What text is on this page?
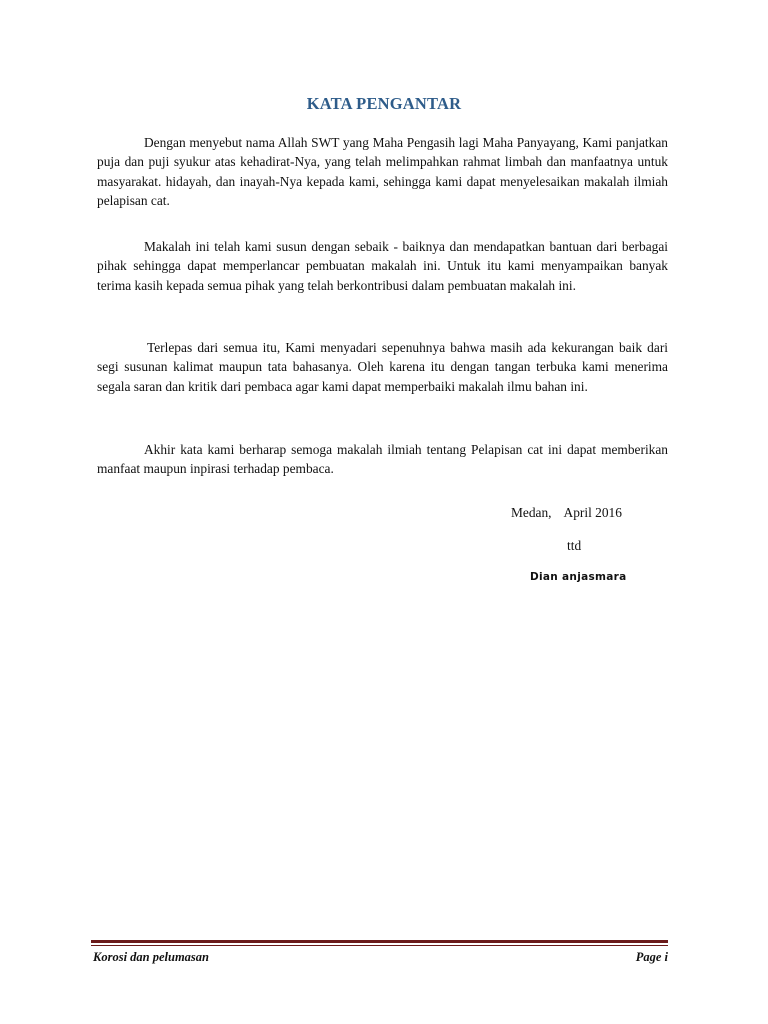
KATA PENGANTAR

Dengan menyebut nama Allah SWT yang Maha Pengasih lagi Maha Panyayang, Kami panjatkan puja dan puji syukur atas kehadirat-Nya, yang telah melimpahkan rahmat limbah dan manfaatnya untuk masyarakat. hidayah, dan inayah-Nya kepada kami, sehingga kami dapat menyelesaikan makalah ilmiah pelapisan cat.

Makalah ini telah kami susun dengan sebaik - baiknya dan mendapatkan bantuan dari berbagai pihak sehingga dapat memperlancar pembuatan makalah ini. Untuk itu kami menyampaikan banyak terima kasih kepada semua pihak yang telah berkontribusi dalam pembuatan makalah ini.

Terlepas dari semua itu, Kami menyadari sepenuhnya bahwa masih ada kekurangan baik dari segi susunan kalimat maupun tata bahasanya. Oleh karena itu dengan tangan terbuka kami menerima segala saran dan kritik dari pembaca agar kami dapat memperbaiki makalah ilmu bahan ini.

Akhir kata kami berharap semoga makalah ilmiah tentang Pelapisan cat ini dapat memberikan manfaat maupun inpirasi terhadap pembaca.

Medan, April 2016
ttd
Dian anjasmara
Korosi dan pelumasan	Page i
